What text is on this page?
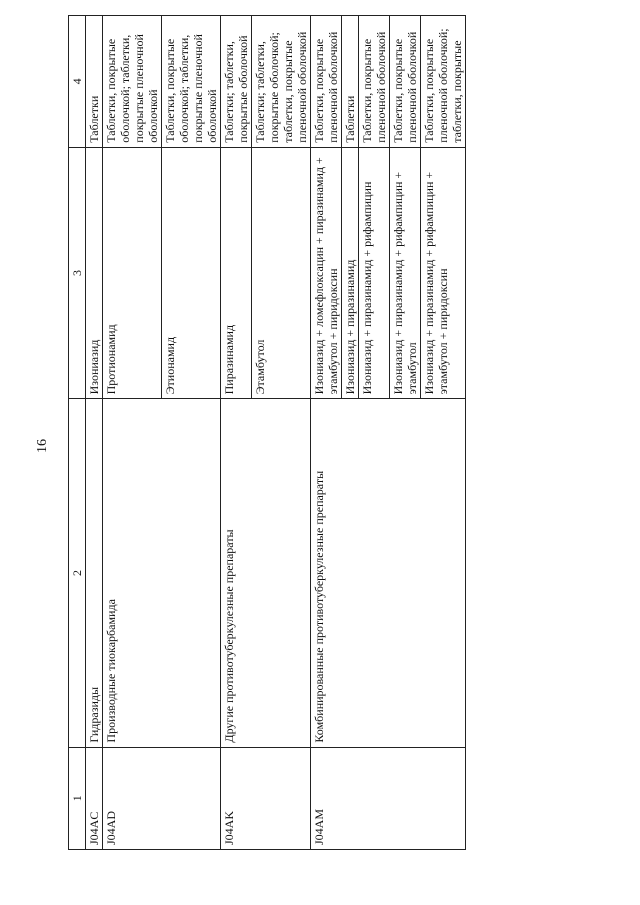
16
1	2	3	4
J04AC	Гидразиды	Изониазид	Таблетки
J04AD	Производные тиокарбамида	Протионамид	Таблетки, покрытые оболочкой; таблетки, покрытые пленочной оболочкой
		Этионамид	Таблетки, покрытые оболочкой; таблетки, покрытые пленочной оболочкой
J04AK	Другие противотуберкулезные препараты	Пиразинамид	Таблетки; таблетки, покрытые оболочкой
		Этамбутол	Таблетки; таблетки, покрытые оболочкой; таблетки, покрытые пленочной оболочкой
J04AM	Комбинированные противотуберкулезные препараты	Изониазид + ломефлоксацин + пиразинамид + этамбутол + пиридоксин	Таблетки, покрытые пленочной оболочкой
		Изониазид + пиразинамид	Таблетки
		Изониазид + пиразинамид + рифампицин	Таблетки, покрытые пленочной оболочкой
		Изониазид + пиразинамид + рифампицин + этамбутол	Таблетки, покрытые пленочной оболочкой
		Изониазид + пиразинамид + рифампицин + этамбутол + пиридоксин	Таблетки, покрытые пленочной оболочкой; таблетки, покрытые
